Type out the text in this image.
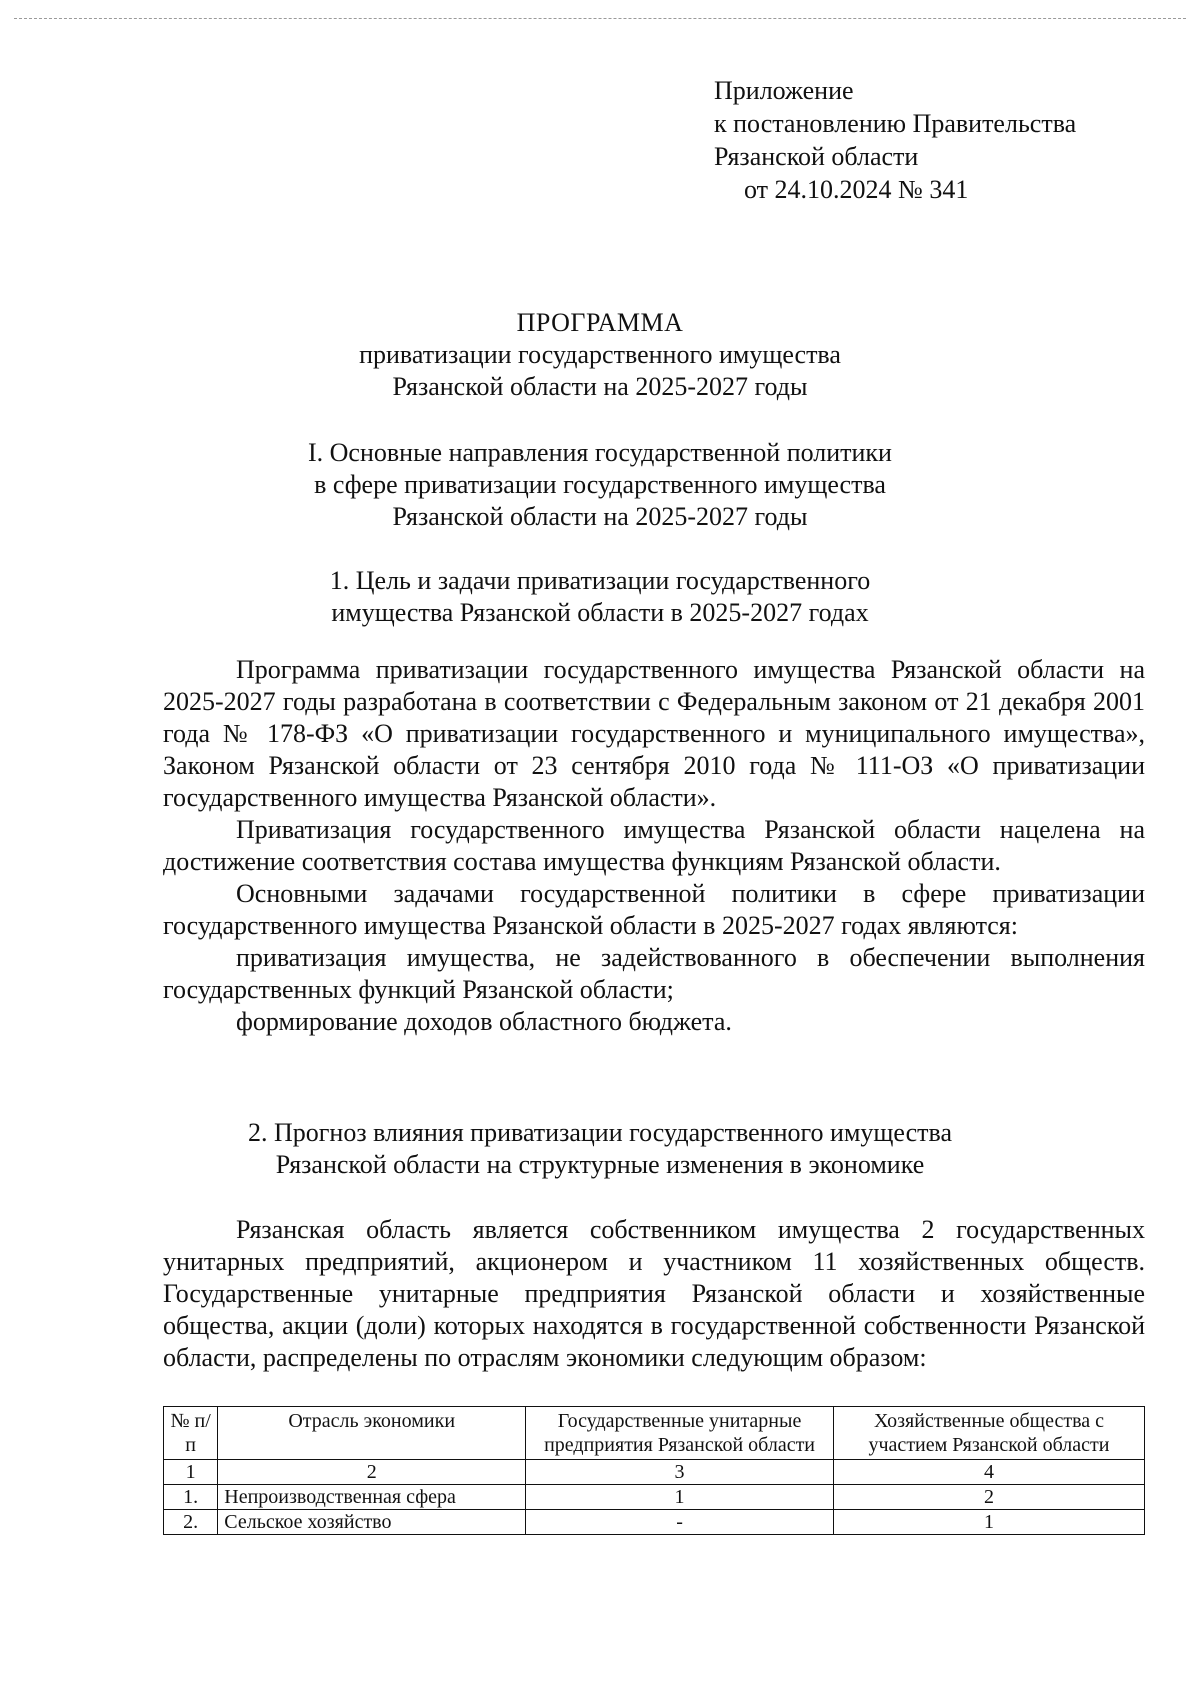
Приложение
к постановлению Правительства
Рязанской области
от 24.10.2024 № 341
ПРОГРАММА
приватизации государственного имущества
Рязанской области на 2025-2027 годы
I. Основные направления государственной политики
в сфере приватизации государственного имущества
Рязанской области на 2025-2027 годы
1. Цель и задачи приватизации государственного
имущества Рязанской области в 2025-2027 годах

Программа приватизации государственного имущества Рязанской области на 2025-2027 годы разработана в соответствии с Федеральным законом от 21 декабря 2001 года № 178-ФЗ «О приватизации государственного и муниципального имущества», Законом Рязанской области от 23 сентября 2010 года № 111-ОЗ «О приватизации государственного имущества Рязанской области».

Приватизация государственного имущества Рязанской области нацелена на достижение соответствия состава имущества функциям Рязанской области.

Основными задачами государственной политики в сфере приватизации государственного имущества Рязанской области в 2025-2027 годах являются:

приватизация имущества, не задействованного в обеспечении выполнения государственных функций Рязанской области;

формирование доходов областного бюджета.

2. Прогноз влияния приватизации государственного имущества
Рязанской области на структурные изменения в экономике

Рязанская область является собственником имущества 2 государственных унитарных предприятий, акционером и участником 11 хозяйственных обществ. Государственные унитарные предприятия Рязанской области и хозяйственные общества, акции (доли) которых находятся в государственной собственности Рязанской области, распределены по отраслям экономики следующим образом:

№ п/п	Отрасль экономики	Государственные унитарные предприятия Рязанской области	Хозяйственные общества с участием Рязанской области
1	2	3	4
1.	Непроизводственная сфера	1	2
2.	Сельское хозяйство	-	1
